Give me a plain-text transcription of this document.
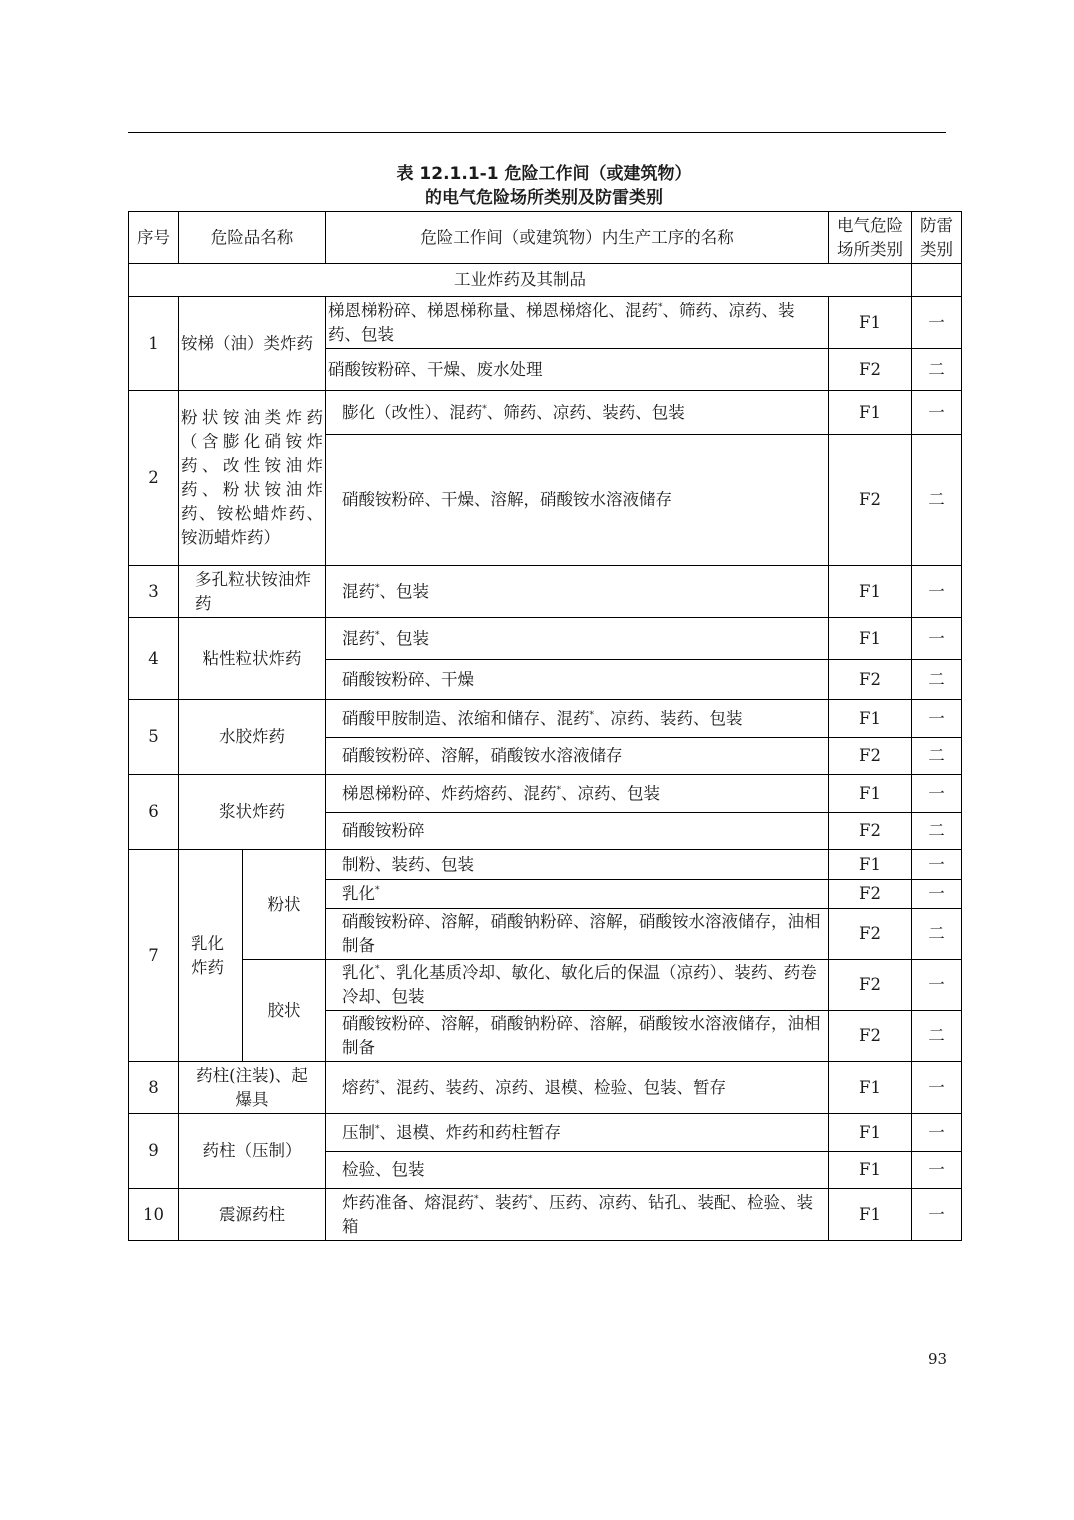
表 12.1.1-1 危险工作间（或建筑物）
的电气危险场所类别及防雷类别
序号	危险品名称		危险工作间（或建筑物）内生产工序的名称	电气危险场所类别	防雷类别
工业炸药及其制品					
1	铵梯（油）类炸药		梯恩梯粉碎、梯恩梯称量、梯恩梯熔化、混药*、筛药、凉药、装药、包装	F1	一
			硝酸铵粉碎、干燥、废水处理	F2	二
2	粉状铵油类炸药（含膨化硝铵炸药、改性铵油炸药、粉状铵油炸药、铵松蜡炸药、铵沥蜡炸药）		膨化（改性）、混药*、筛药、凉药、装药、包装	F1	一
			硝酸铵粉碎、干燥、溶解，硝酸铵水溶液储存	F2	二
3	多孔粒状铵油炸药		混药*、包装	F1	一
4	粘性粒状炸药		混药*、包装	F1	一
			硝酸铵粉碎、干燥	F2	二
5	水胶炸药		硝酸甲胺制造、浓缩和储存、混药*、凉药、装药、包装	F1	一
			硝酸铵粉碎、溶解，硝酸铵水溶液储存	F2	二
6	浆状炸药		梯恩梯粉碎、炸药熔药、混药*、凉药、包装	F1	一
			硝酸铵粉碎	F2	二
7	乳化炸药	粉状	制粉、装药、包装	F1	一
			乳化*	F2	一
			硝酸铵粉碎、溶解，硝酸钠粉碎、溶解，硝酸铵水溶液储存，油相制备	F2	二
		胶状	乳化*、乳化基质冷却、敏化、敏化后的保温（凉药）、装药、药卷冷却、包装	F2	一
			硝酸铵粉碎、溶解，硝酸钠粉碎、溶解，硝酸铵水溶液储存，油相制备	F2	二
8	药柱(注装)、起爆具		熔药*、混药、装药、凉药、退模、检验、包装、暂存	F1	一
9	药柱（压制）		压制*、退模、炸药和药柱暂存	F1	一
			检验、包装	F1	一
10	震源药柱		炸药准备、熔混药*、装药*、压药、凉药、钻孔、装配、检验、装箱	F1	一
93
